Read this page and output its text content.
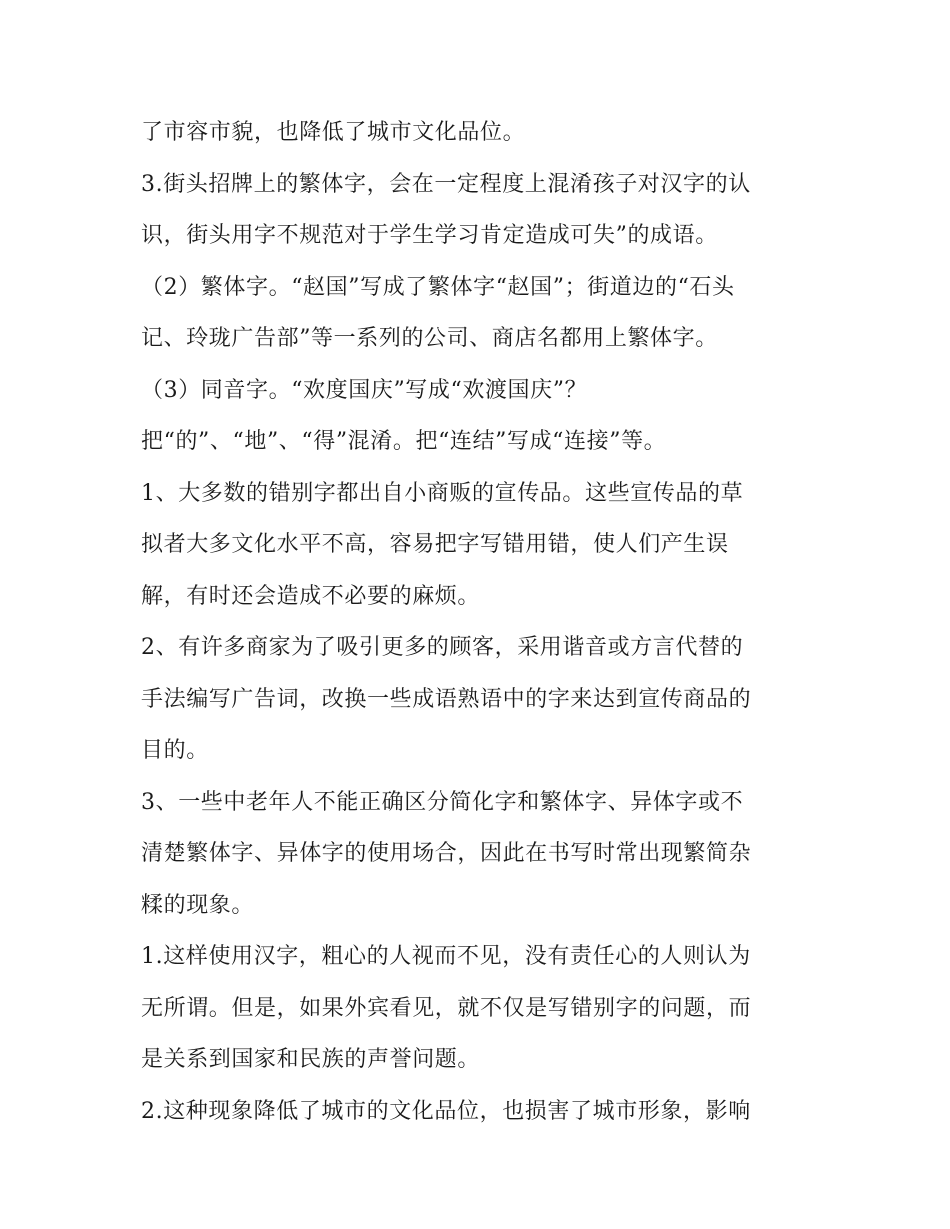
了市容市貌，也降低了城市文化品位。
3.街头招牌上的繁体字，会在一定程度上混淆孩子对汉字的认
识，街头用字不规范对于学生学习肯定造成可失”的成语。
（2）繁体字。“赵国”写成了繁体字“赵国”；街道边的“石头
记、玲珑广告部”等一系列的公司、商店名都用上繁体字。
（3）同音字。“欢度国庆”写成“欢渡国庆”？
把“的”、“地”、“得”混淆。把“连结”写成“连接”等。
1、大多数的错别字都出自小商贩的宣传品。这些宣传品的草
拟者大多文化水平不高，容易把字写错用错，使人们产生误
解，有时还会造成不必要的麻烦。
2、有许多商家为了吸引更多的顾客，采用谐音或方言代替的
手法编写广告词，改换一些成语熟语中的字来达到宣传商品的
目的。
3、一些中老年人不能正确区分简化字和繁体字、异体字或不
清楚繁体字、异体字的使用场合，因此在书写时常出现繁简杂
糅的现象。
1.这样使用汉字，粗心的人视而不见，没有责任心的人则认为
无所谓。但是，如果外宾看见，就不仅是写错别字的问题，而
是关系到国家和民族的声誉问题。
2.这种现象降低了城市的文化品位，也损害了城市形象，影响
